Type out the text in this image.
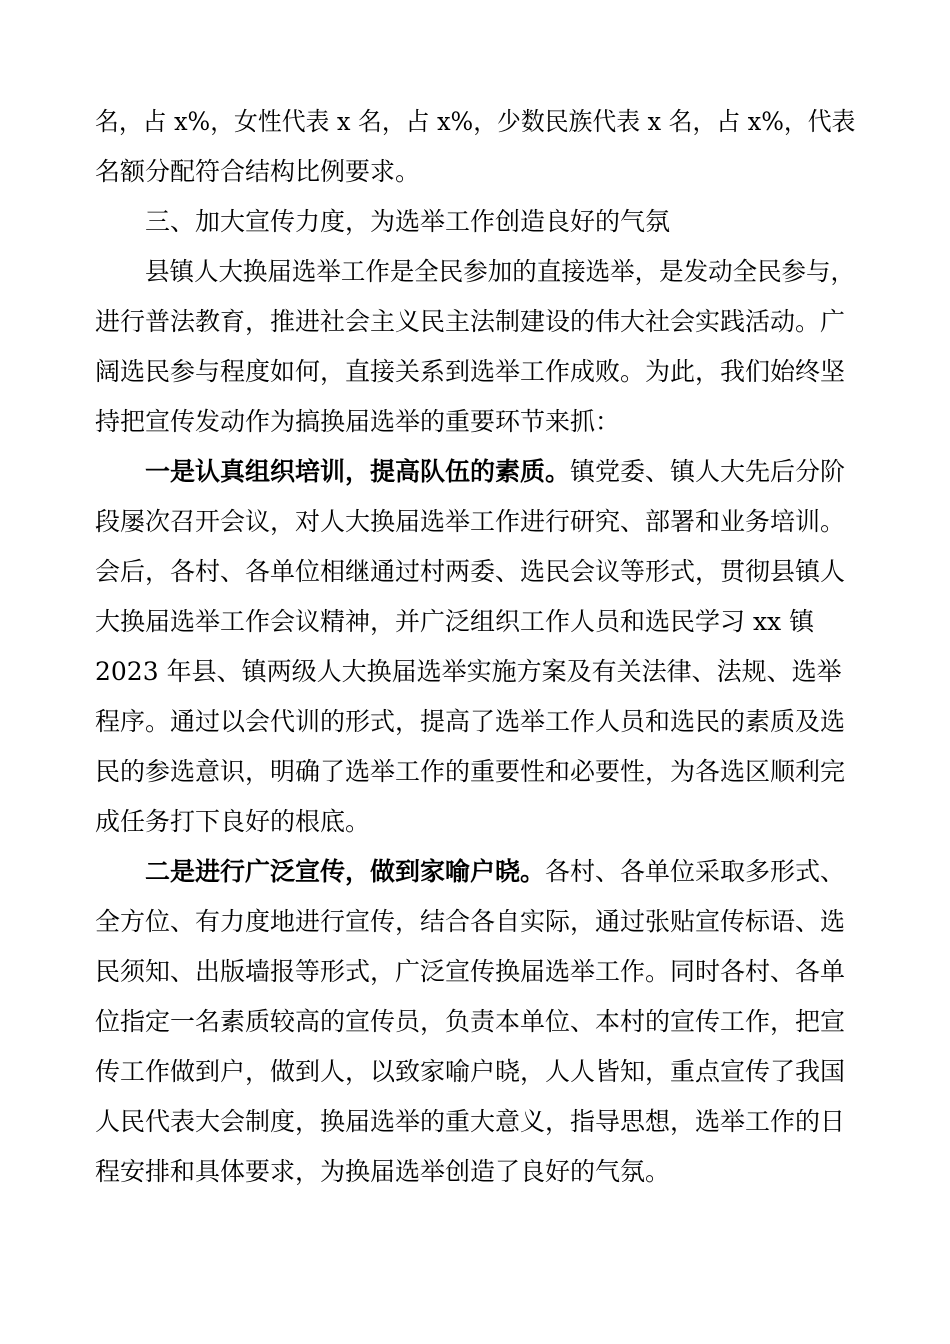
名，占 x%，女性代表 x 名，占 x%，少数民族代表 x 名，占 x%，代表
名额分配符合结构比例要求。
三、加大宣传力度，为选举工作创造良好的气氛
县镇人大换届选举工作是全民参加的直接选举，是发动全民参与，
进行普法教育，推进社会主义民主法制建设的伟大社会实践活动。广
阔选民参与程度如何，直接关系到选举工作成败。为此，我们始终坚
持把宣传发动作为搞换届选举的重要环节来抓：
一是认真组织培训，提高队伍的素质。镇党委、镇人大先后分阶
段屡次召开会议，对人大换届选举工作进行研究、部署和业务培训。
会后，各村、各单位相继通过村两委、选民会议等形式，贯彻县镇人
大换届选举工作会议精神，并广泛组织工作人员和选民学习 xx 镇
2023 年县、镇两级人大换届选举实施方案及有关法律、法规、选举
程序。通过以会代训的形式，提高了选举工作人员和选民的素质及选
民的参选意识，明确了选举工作的重要性和必要性，为各选区顺利完
成任务打下良好的根底。
二是进行广泛宣传，做到家喻户晓。各村、各单位采取多形式、
全方位、有力度地进行宣传，结合各自实际，通过张贴宣传标语、选
民须知、出版墙报等形式，广泛宣传换届选举工作。同时各村、各单
位指定一名素质较高的宣传员，负责本单位、本村的宣传工作，把宣
传工作做到户，做到人，以致家喻户晓，人人皆知，重点宣传了我国
人民代表大会制度，换届选举的重大意义，指导思想，选举工作的日
程安排和具体要求，为换届选举创造了良好的气氛。
